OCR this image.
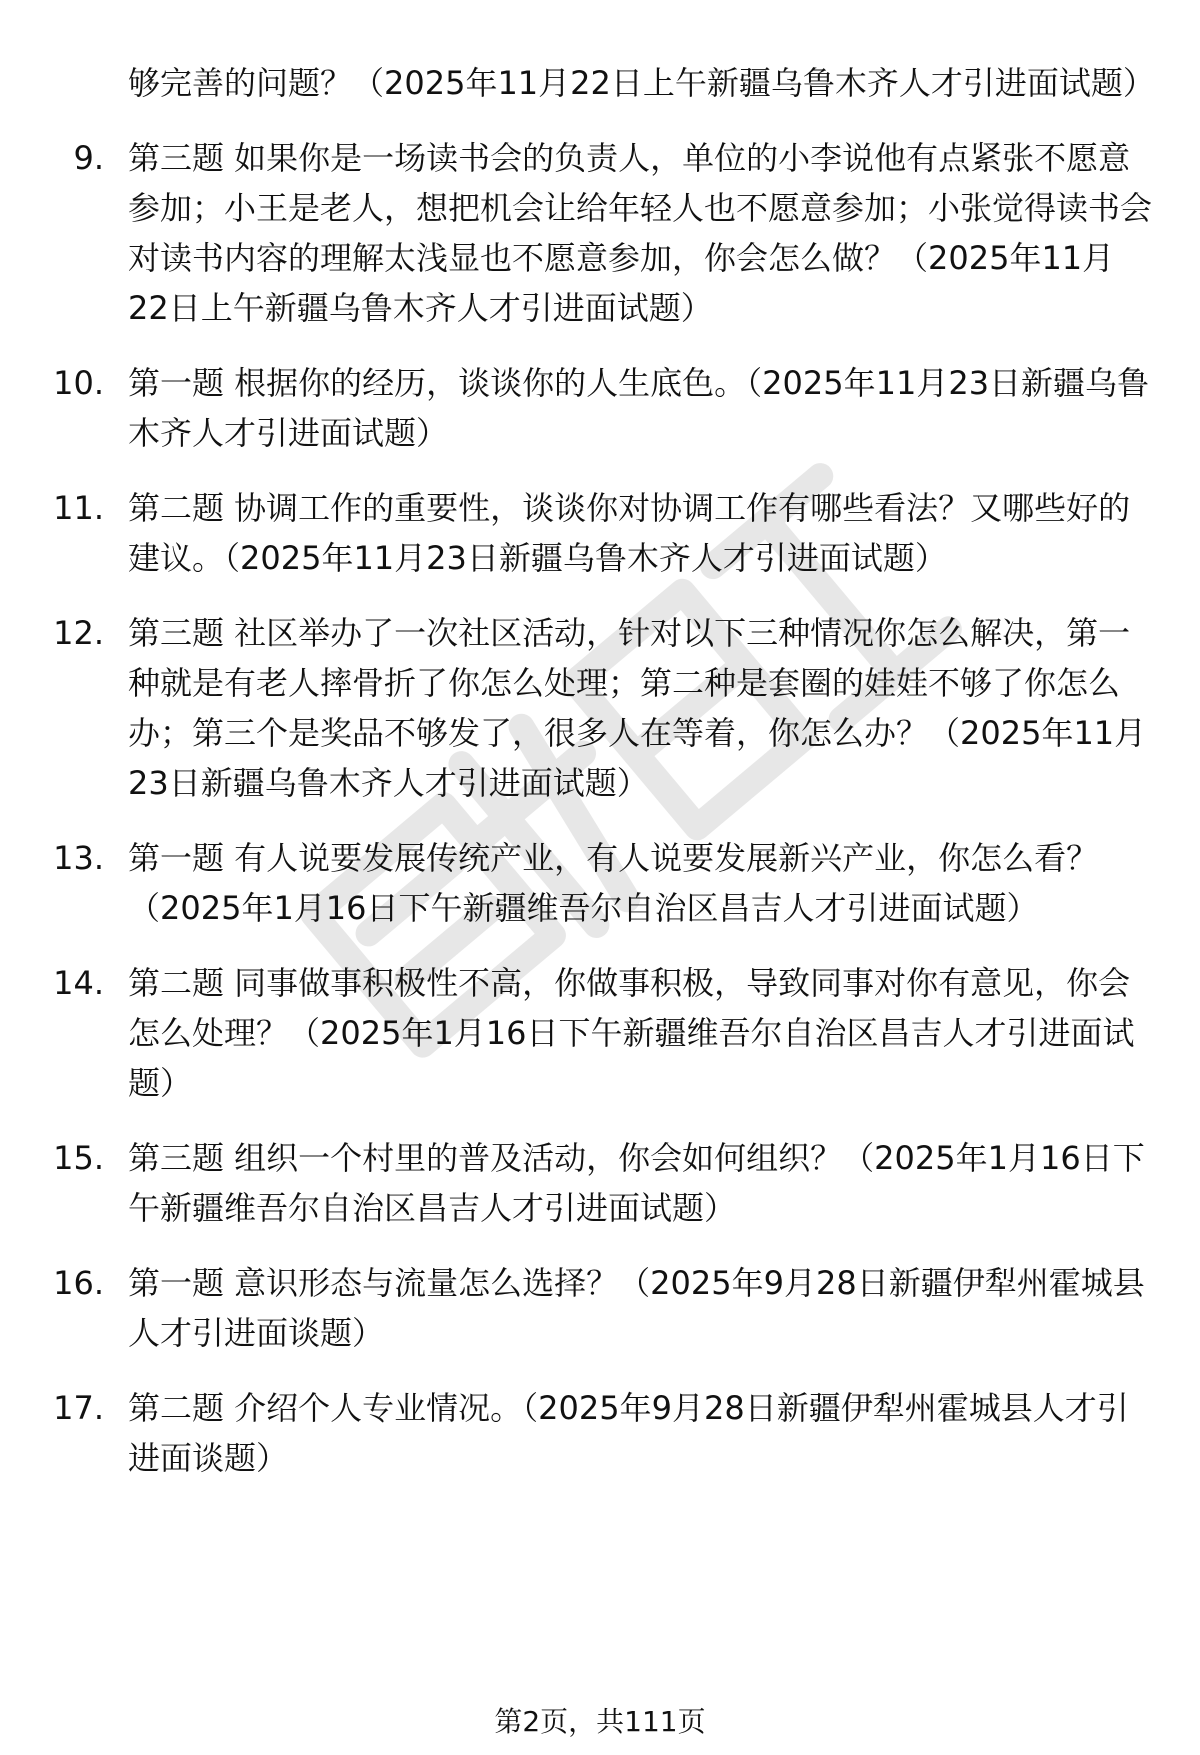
够完善的问题？（2025年11月22日上午新疆乌鲁木齐人才引进面试题）
9. 第三题 如果你是一场读书会的负责人，单位的小李说他有点紧张不愿意参加；小王是老人，想把机会让给年轻人也不愿意参加；小张觉得读书会对读书内容的理解太浅显也不愿意参加，你会怎么做？（2025年11月22日上午新疆乌鲁木齐人才引进面试题）
10. 第一题 根据你的经历，谈谈你的人生底色。（2025年11月23日新疆乌鲁木齐人才引进面试题）
11. 第二题 协调工作的重要性，谈谈你对协调工作有哪些看法？又哪些好的建议。（2025年11月23日新疆乌鲁木齐人才引进面试题）
12. 第三题 社区举办了一次社区活动，针对以下三种情况你怎么解决，第一种就是有老人摔骨折了你怎么处理；第二种是套圈的娃娃不够了你怎么办；第三个是奖品不够发了，很多人在等着，你怎么办？（2025年11月23日新疆乌鲁木齐人才引进面试题）
13. 第一题 有人说要发展传统产业，有人说要发展新兴产业，你怎么看？（2025年1月16日下午新疆维吾尔自治区昌吉人才引进面试题）
14. 第二题 同事做事积极性不高，你做事积极，导致同事对你有意见，你会怎么处理？（2025年1月16日下午新疆维吾尔自治区昌吉人才引进面试题）
15. 第三题 组织一个村里的普及活动，你会如何组织？（2025年1月16日下午新疆维吾尔自治区昌吉人才引进面试题）
16. 第一题 意识形态与流量怎么选择？（2025年9月28日新疆伊犁州霍城县人才引进面谈题）
17. 第二题 介绍个人专业情况。（2025年9月28日新疆伊犁州霍城县人才引进面谈题）
第2页，共111页
